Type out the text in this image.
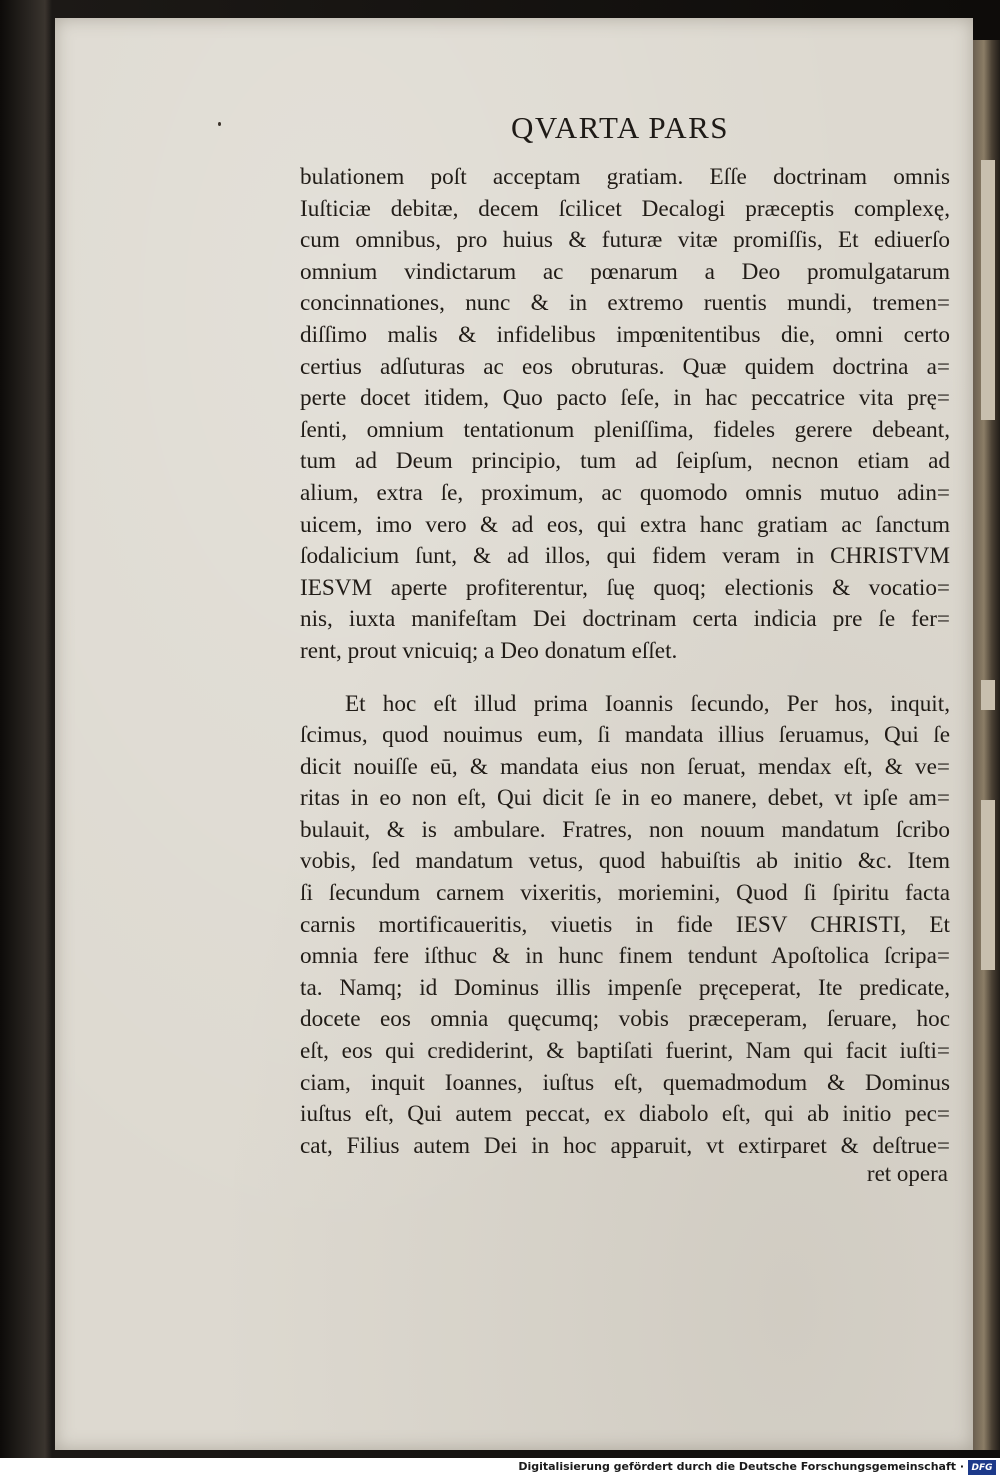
QVARTA PARS
bulationem poſt acceptam gratiam. Eſſe doctrinam omnis
Iuſticiæ debitæ, decem ſcilicet Decalogi præceptis complexę,
cum omnibus, pro huius & futuræ vitæ promiſſis, Et ediuerſo
omnium vindictarum ac pœnarum a Deo promulgatarum
concinnationes, nunc & in extremo ruentis mundi, tremen=
diſſimo malis & infidelibus impœnitentibus die, omni certo
certius adſuturas ac eos obruturas. Quæ quidem doctrina a=
perte docet itidem, Quo pacto ſeſe, in hac peccatrice vita prę=
ſenti, omnium tentationum pleniſſima, fideles gerere debeant,
tum ad Deum principio, tum ad ſeipſum, necnon etiam ad
alium, extra ſe, proximum, ac quomodo omnis mutuo adin=
uicem, imo vero & ad eos, qui extra hanc gratiam ac ſanctum
ſodalicium ſunt, & ad illos, qui fidem veram in CHRISTVM
IESVM aperte profiterentur, ſuę quoq; electionis & vocatio=
nis, iuxta manifeſtam Dei doctrinam certa indicia pre ſe fer=
rent, prout vnicuiq; a Deo donatum eſſet.
Et hoc eſt illud prima Ioannis ſecundo, Per hos, inquit,
ſcimus, quod nouimus eum, ſi mandata illius ſeruamus, Qui ſe
dicit nouiſſe eū, & mandata eius non ſeruat, mendax eſt, & ve=
ritas in eo non eſt, Qui dicit ſe in eo manere, debet, vt ipſe am=
bulauit, & is ambulare. Fratres, non nouum mandatum ſcribo
vobis, ſed mandatum vetus, quod habuiſtis ab initio &c. Item
ſi ſecundum carnem vixeritis, moriemini, Quod ſi ſpiritu facta
carnis mortificaueritis, viuetis in fide IESV CHRISTI, Et
omnia fere iſthuc & in hunc finem tendunt Apoſtolica ſcripa=
ta. Namq; id Dominus illis impenſe pręceperat, Ite predicate,
docete eos omnia quęcumq; vobis præceperam, ſeruare, hoc
eſt, eos qui crediderint, & baptiſati fuerint, Nam qui facit iuſti=
ciam, inquit Ioannes, iuſtus eſt, quemadmodum & Dominus
iuſtus eſt, Qui autem peccat, ex diabolo eſt, qui ab initio pec=
cat, Filius autem Dei in hoc apparuit, vt extirparet & deſtrue=
ret opera
Digitalisierung gefördert durch die Deutsche Forschungsgemeinschaft · DFG
